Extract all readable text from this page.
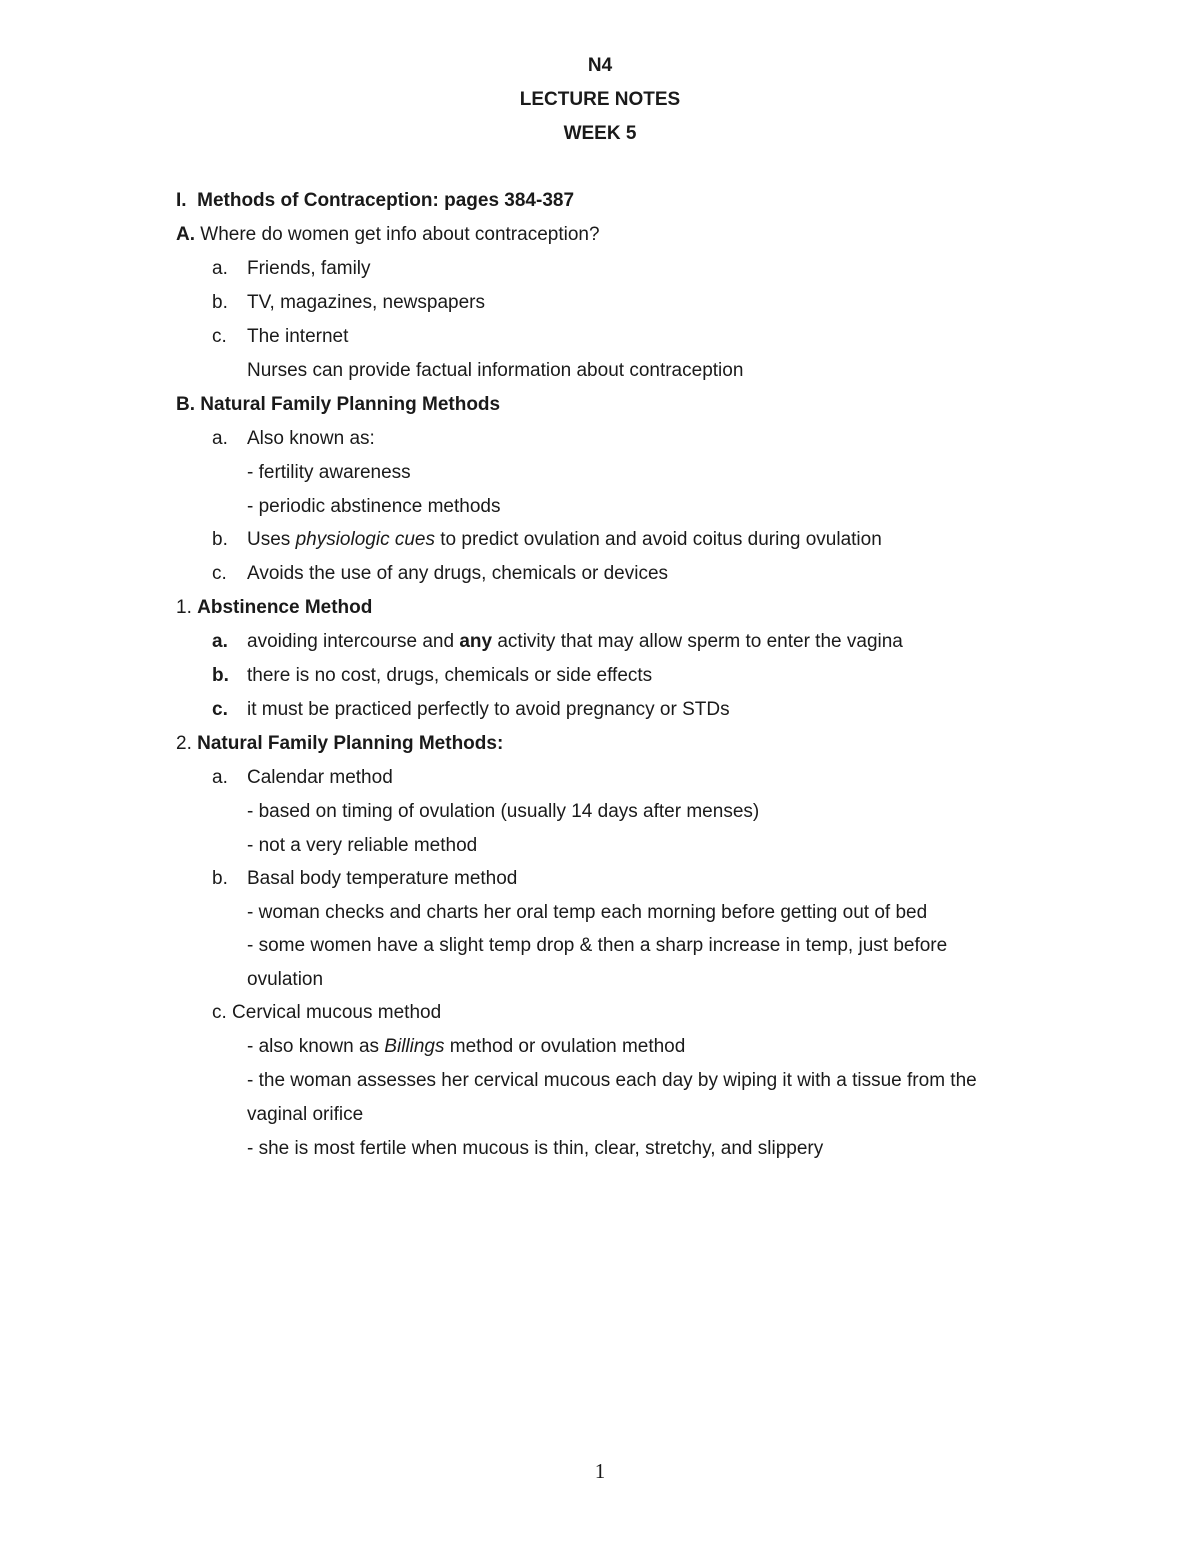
N4
LECTURE NOTES
WEEK 5
I. Methods of Contraception: pages 384-387
A. Where do women get info about contraception?
a. Friends, family
b. TV, magazines, newspapers
c. The internet
Nurses can provide factual information about contraception
B. Natural Family Planning Methods
a. Also known as:
- fertility awareness
- periodic abstinence methods
b. Uses physiologic cues to predict ovulation and avoid coitus during ovulation
c. Avoids the use of any drugs, chemicals or devices
1. Abstinence Method
a. avoiding intercourse and any activity that may allow sperm to enter the vagina
b. there is no cost, drugs, chemicals or side effects
c. it must be practiced perfectly to avoid pregnancy or STDs
2. Natural Family Planning Methods:
a. Calendar method
- based on timing of ovulation (usually 14 days after menses)
- not a very reliable method
b. Basal body temperature method
- woman checks and charts her oral temp each morning before getting out of bed
- some women have a slight temp drop & then a sharp increase in temp, just before
ovulation
c. Cervical mucous method
- also known as Billings method or ovulation method
- the woman assesses her cervical mucous each day by wiping it with a tissue from the
vaginal orifice
- she is most fertile when mucous is thin, clear, stretchy, and slippery
1
